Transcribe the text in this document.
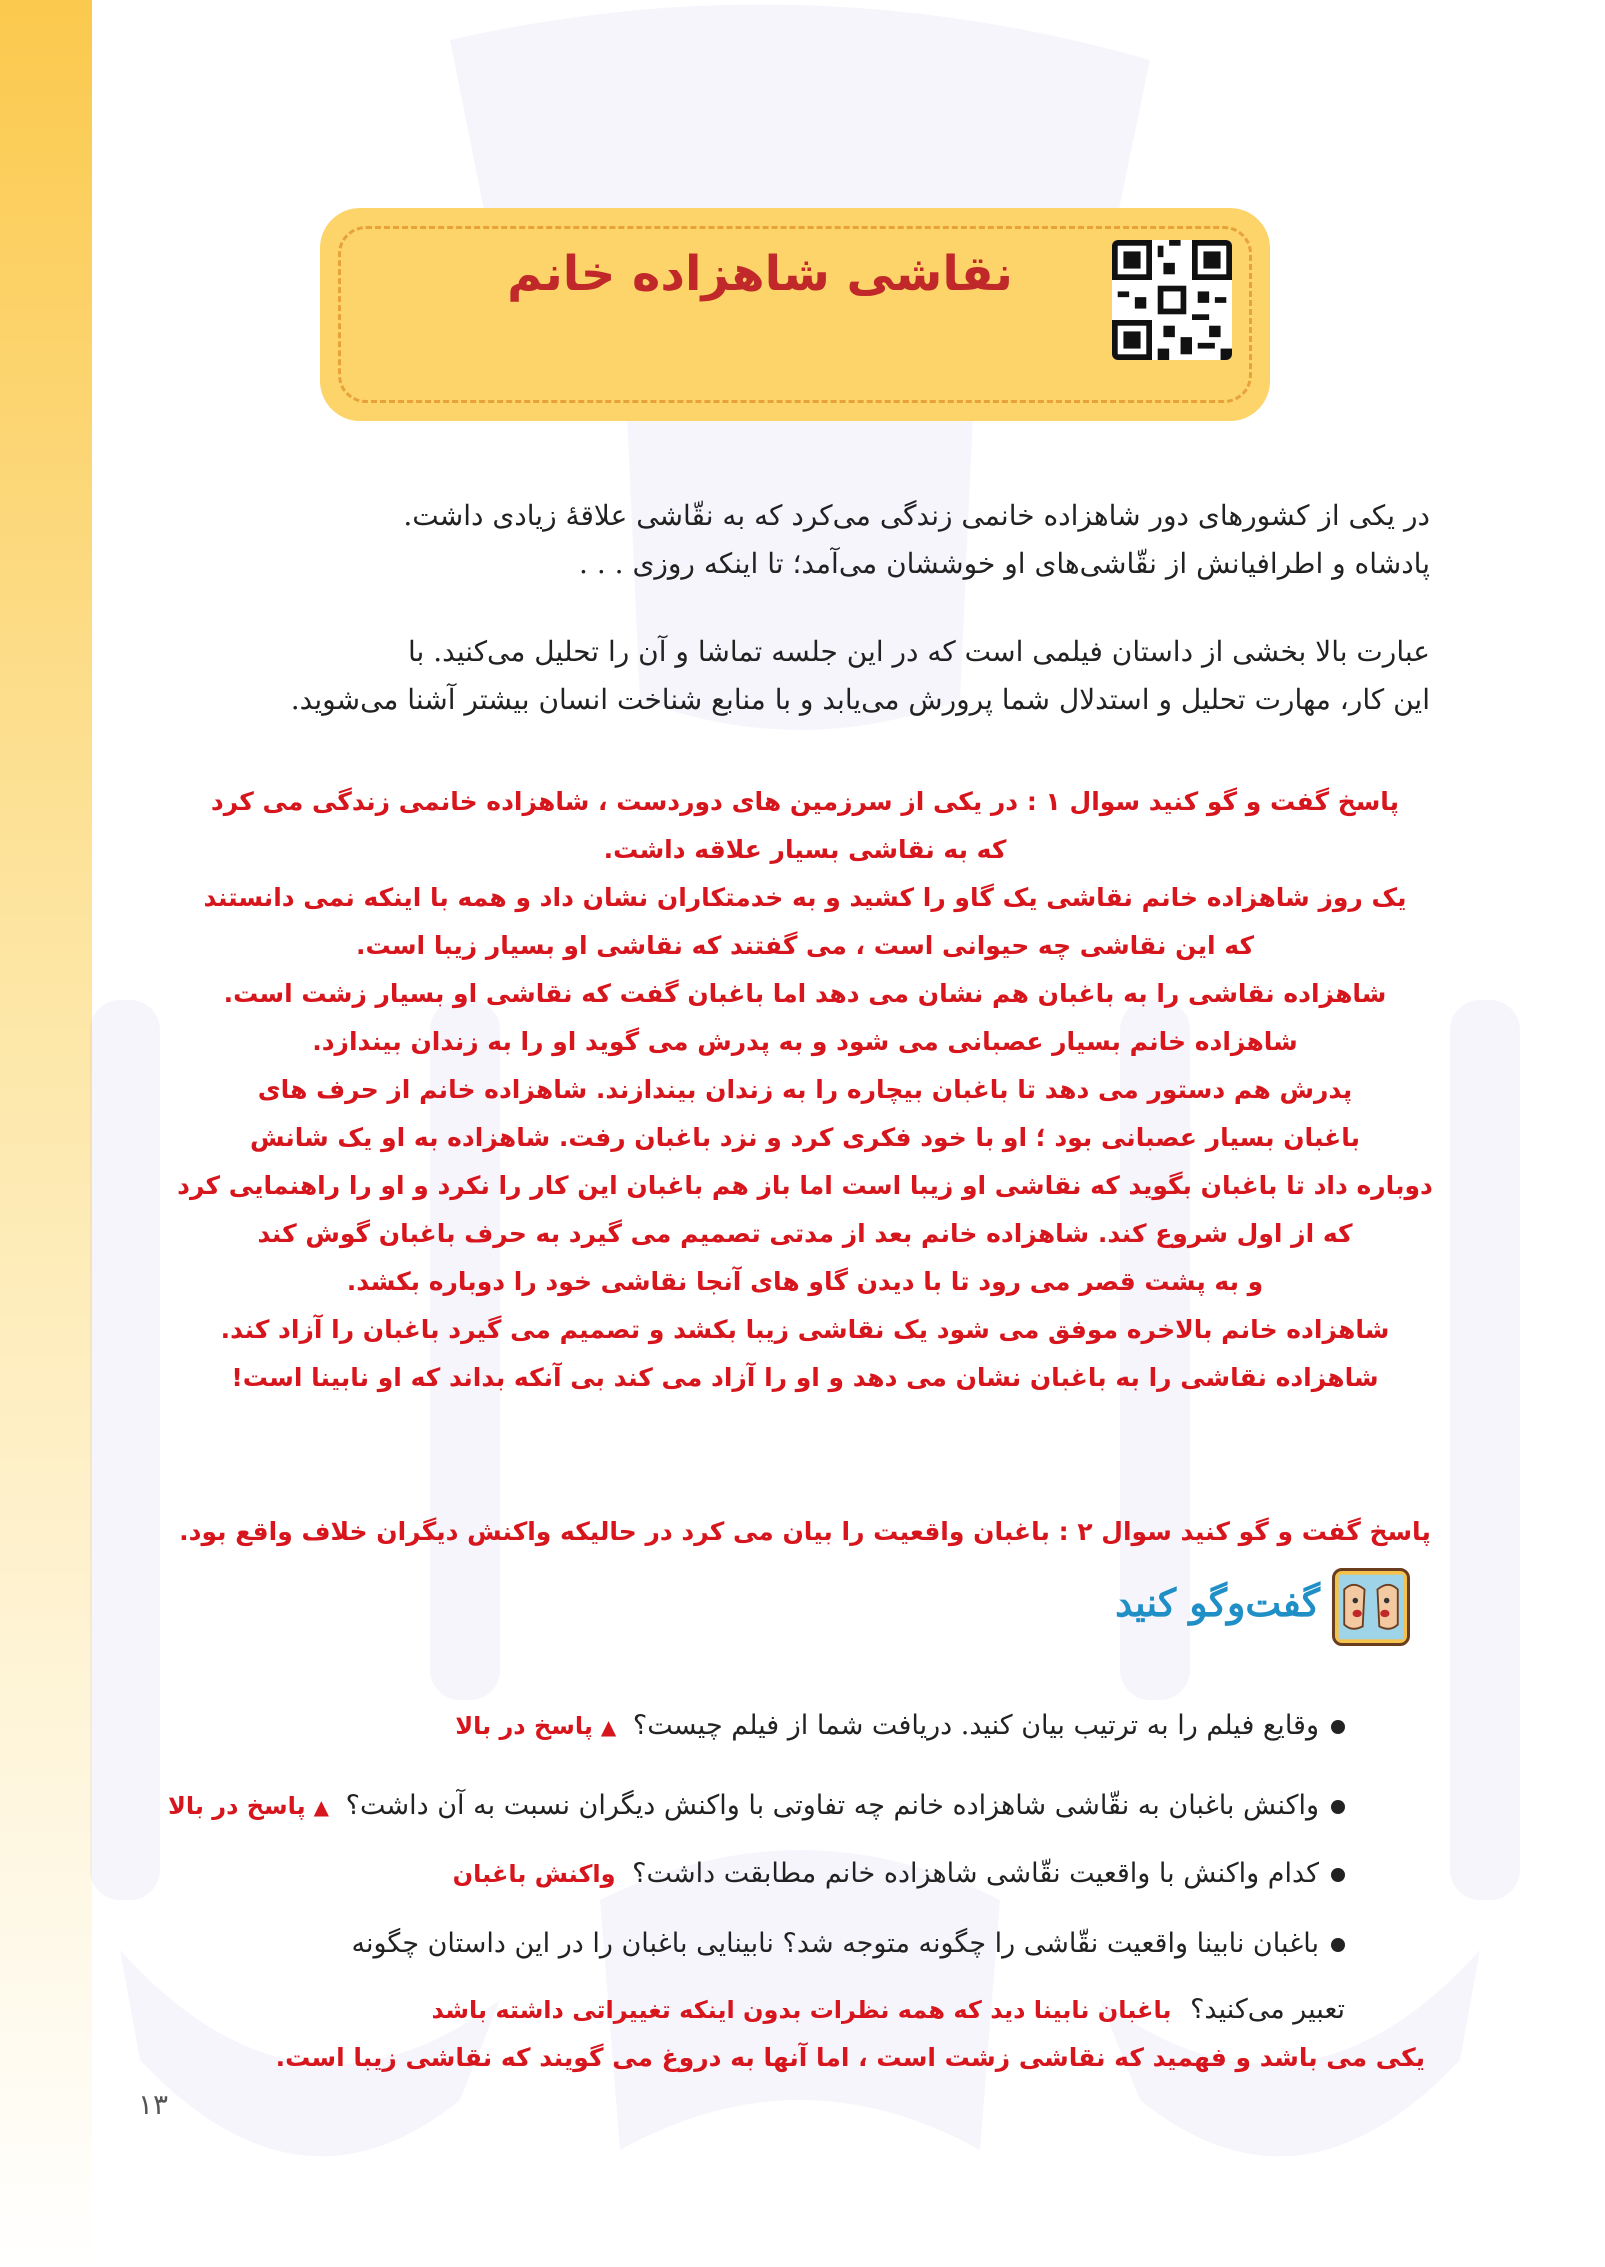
نقاشی شاهزاده خانم
در یکی از کشورهای دور شاهزاده خانمی زندگی می‌کرد که به نقّاشی علاقهٔ زیادی داشت.
پادشاه و اطرافیانش از نقّاشی‌های او خوششان می‌آمد؛ تا اینکه روزی . . .
عبارت بالا بخشی از داستان فیلمی است که در این جلسه تماشا و آن را تحلیل می‌کنید. با
این کار، مهارت تحلیل و استدلال شما پرورش می‌یابد و با منابع شناخت انسان بیشتر آشنا می‌شوید.
پاسخ گفت و گو کنید سوال ۱ : در یکی از سرزمین های دوردست ، شاهزاده خانمی زندگی می کرد
که به نقاشی بسیار علاقه داشت.
یک روز شاهزاده خانم نقاشی یک گاو را کشید و به خدمتکاران نشان داد و همه با اینکه نمی دانستند
که این نقاشی چه حیوانی است ، می گفتند که نقاشی او بسیار زیبا است.
شاهزاده نقاشی را به باغبان هم نشان می دهد اما باغبان گفت که نقاشی او بسیار زشت است.
شاهزاده خانم بسیار عصبانی می شود و به پدرش می گوید او را به زندان بیندازد.
پدرش هم دستور می دهد تا باغبان بیچاره را به زندان بیندازند. شاهزاده خانم از حرف های
باغبان بسیار عصبانی بود ؛ او با خود فکری کرد و نزد باغبان رفت. شاهزاده به او یک شانش
دوباره داد تا باغبان بگوید که نقاشی او زیبا است اما باز هم باغبان این کار را نکرد و او را راهنمایی کرد
که از اول شروع کند. شاهزاده خانم بعد از مدتی تصمیم می گیرد به حرف باغبان گوش کند
و به پشت قصر می رود تا با دیدن گاو های آنجا نقاشی خود را دوباره بکشد.
شاهزاده خانم بالاخره موفق می شود یک نقاشی زیبا بکشد و تصمیم می گیرد باغبان را آزاد کند.
شاهزاده نقاشی را به باغبان نشان می دهد و او را آزاد می کند بی آنکه بداند که او نابینا است!
پاسخ گفت و گو کنید سوال ۲ : باغبان واقعیت را بیان می کرد در حالیکه واکنش دیگران خلاف واقع بود.
گفت‌وگو کنید
وقایع فیلم را به ترتیب بیان کنید. دریافت شما از فیلم چیست؟ ▲پاسخ در بالا
واکنش باغبان به نقّاشی شاهزاده خانم چه تفاوتی با واکنش دیگران نسبت به آن داشت؟ ▲پاسخ در بالا
کدام واکنش با واقعیت نقّاشی شاهزاده خانم مطابقت داشت؟ واکنش باغبان
باغبان نابینا واقعیت نقّاشی را چگونه متوجه شد؟ نابینایی باغبان را در این داستان چگونه
تعبیر می‌کنید؟ باغبان نابینا دید که همه نظرات بدون اینکه تغییراتی داشته باشد
یکی می باشد و فهمید که نقاشی زشت است ، اما آنها به دروغ می گویند که نقاشی زیبا است.
۱۳
